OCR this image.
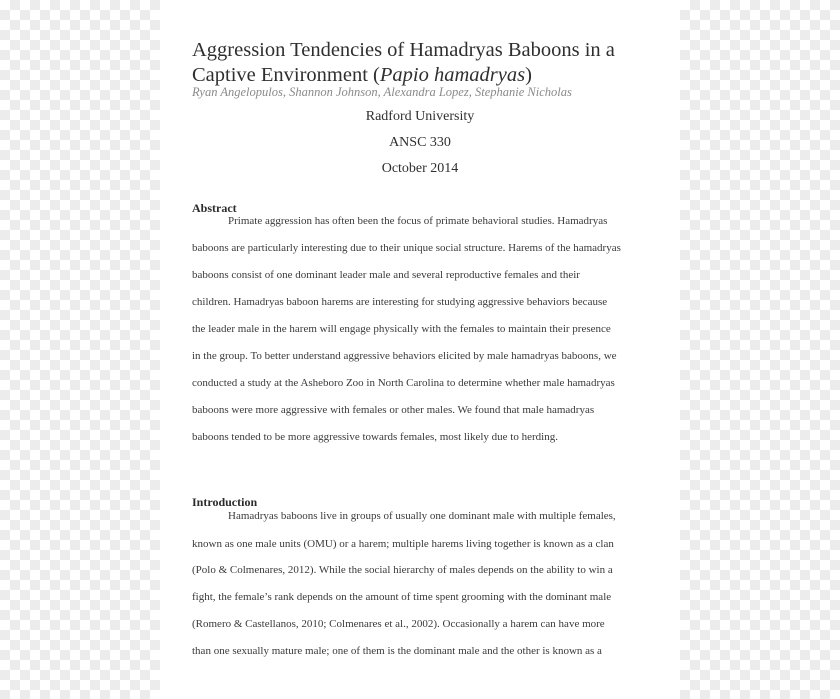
Aggression Tendencies of Hamadryas Baboons in a Captive Environment (Papio hamadryas)
Ryan Angelopulos, Shannon Johnson, Alexandra Lopez, Stephanie Nicholas
Radford University
ANSC 330
October 2014
Abstract
Primate aggression has often been the focus of primate behavioral studies. Hamadryas
baboons are particularly interesting due to their unique social structure. Harems of the hamadryas
baboons consist of one dominant leader male and several reproductive females and their
children. Hamadryas baboon harems are interesting for studying aggressive behaviors because
the leader male in the harem will engage physically with the females to maintain their presence
in the group. To better understand aggressive behaviors elicited by male hamadryas baboons, we
conducted a study at the Asheboro Zoo in North Carolina to determine whether male hamadryas
baboons were more aggressive with females or other males. We found that male hamadryas
baboons tended to be more aggressive towards females, most likely due to herding.
Introduction
Hamadryas baboons live in groups of usually one dominant male with multiple females,
known as one male units (OMU) or a harem; multiple harems living together is known as a clan
(Polo & Colmenares, 2012). While the social hierarchy of males depends on the ability to win a
fight, the female’s rank depends on the amount of time spent grooming with the dominant male
(Romero & Castellanos, 2010; Colmenares et al., 2002). Occasionally a harem can have more
than one sexually mature male; one of them is the dominant male and the other is known as a
